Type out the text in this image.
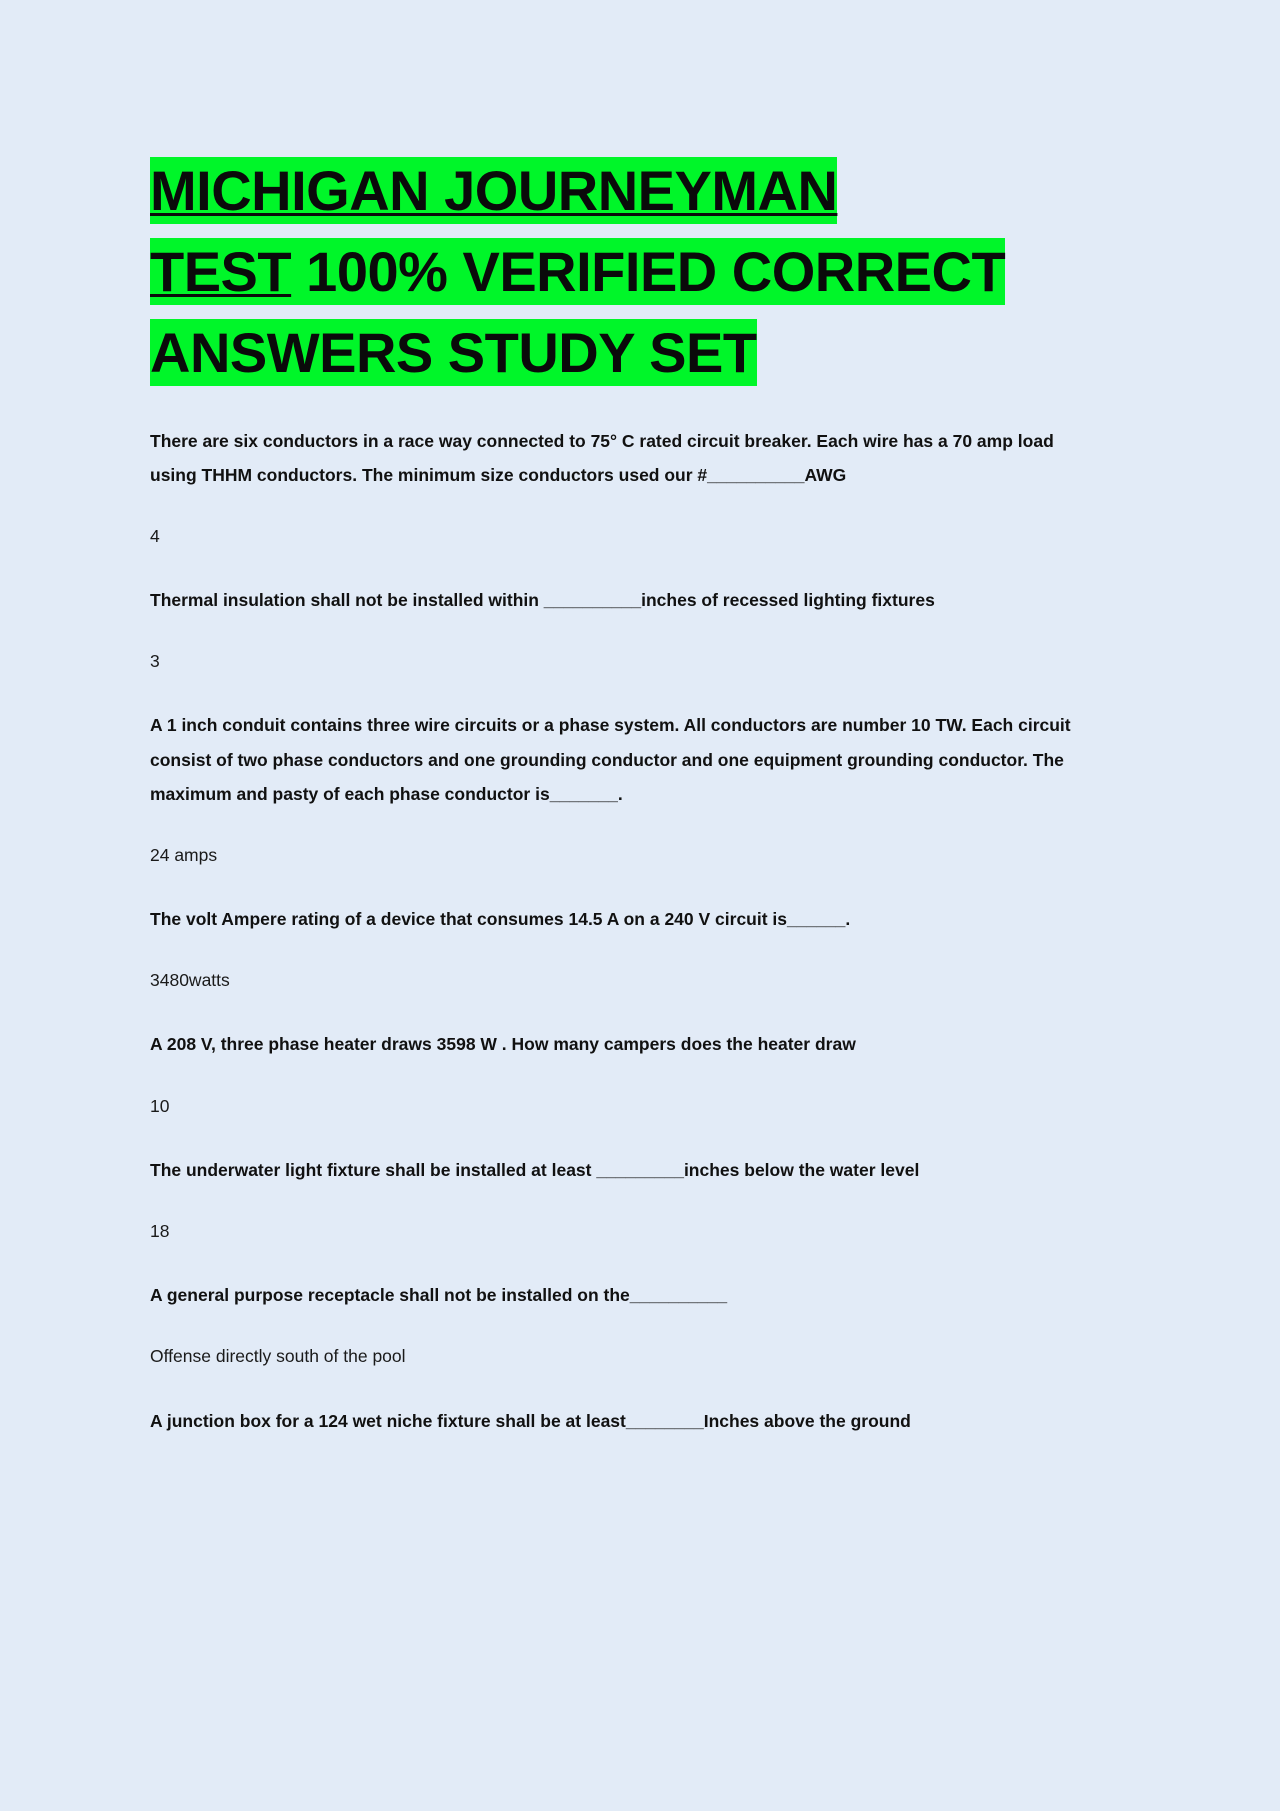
MICHIGAN JOURNEYMAN
TEST 100% VERIFIED CORRECT
ANSWERS STUDY SET

There are six conductors in a race way connected to 75° C rated circuit breaker. Each wire has a 70 amp load using THHM conductors. The minimum size conductors used our #__________AWG

4

Thermal insulation shall not be installed within __________inches of recessed lighting fixtures

3

A 1 inch conduit contains three wire circuits or a phase system. All conductors are number 10 TW. Each circuit consist of two phase conductors and one grounding conductor and one equipment grounding conductor. The maximum and pasty of each phase conductor is_______.

24 amps

The volt Ampere rating of a device that consumes 14.5 A on a 240 V circuit is______.

3480watts

A 208 V, three phase heater draws 3598 W . How many campers does the heater draw

10

The underwater light fixture shall be installed at least _________inches below the water level

18

A general purpose receptacle shall not be installed on the__________

Offense directly south of the pool

A junction box for a 124 wet niche fixture shall be at least________Inches above the ground
